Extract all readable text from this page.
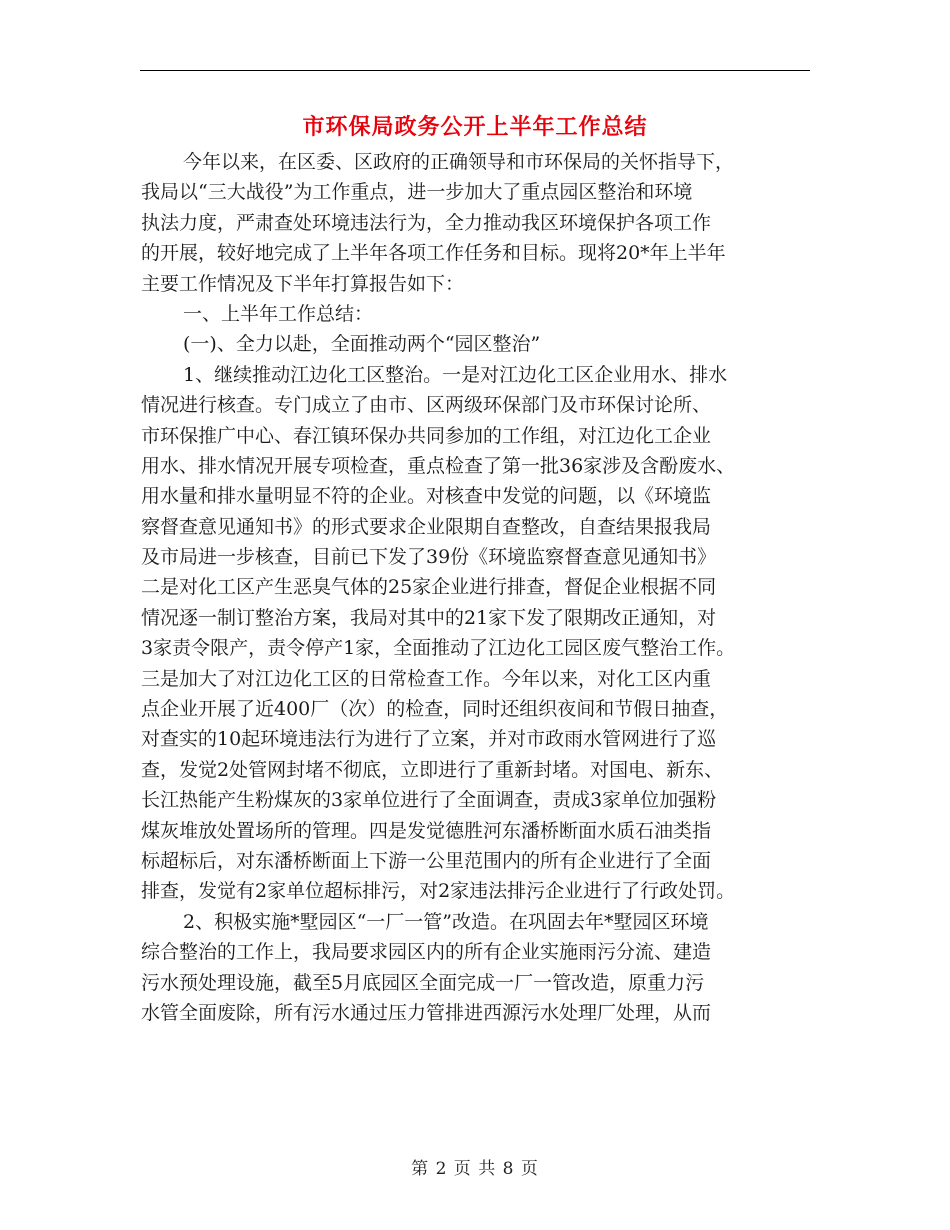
市环保局政务公开上半年工作总结
今年以来，在区委、区政府的正确领导和市环保局的关怀指导下，
我局以“三大战役”为工作重点，进一步加大了重点园区整治和环境
执法力度，严肃查处环境违法行为，全力推动我区环境保护各项工作
的开展，较好地完成了上半年各项工作任务和目标。现将20*年上半年
主要工作情况及下半年打算报告如下：
一、上半年工作总结：
(一)、全力以赴，全面推动两个“园区整治”
1、继续推动江边化工区整治。一是对江边化工区企业用水、排水
情况进行核查。专门成立了由市、区两级环保部门及市环保讨论所、
市环保推广中心、春江镇环保办共同参加的工作组，对江边化工企业
用水、排水情况开展专项检查，重点检查了第一批36家涉及含酚废水、
用水量和排水量明显不符的企业。对核查中发觉的问题，以《环境监
察督查意见通知书》的形式要求企业限期自查整改，自查结果报我局
及市局进一步核查，目前已下发了39份《环境监察督查意见通知书》
二是对化工区产生恶臭气体的25家企业进行排查，督促企业根据不同
情况逐一制订整治方案，我局对其中的21家下发了限期改正通知，对
3家责令限产，责令停产1家，全面推动了江边化工园区废气整治工作。
三是加大了对江边化工区的日常检查工作。今年以来，对化工区内重
点企业开展了近400厂（次）的检查，同时还组织夜间和节假日抽查，
对查实的10起环境违法行为进行了立案，并对市政雨水管网进行了巡
查，发觉2处管网封堵不彻底，立即进行了重新封堵。对国电、新东、
长江热能产生粉煤灰的3家单位进行了全面调查，责成3家单位加强粉
煤灰堆放处置场所的管理。四是发觉德胜河东潘桥断面水质石油类指
标超标后，对东潘桥断面上下游一公里范围内的所有企业进行了全面
排查，发觉有2家单位超标排污，对2家违法排污企业进行了行政处罚。
2、积极实施*墅园区“一厂一管”改造。在巩固去年*墅园区环境
综合整治的工作上，我局要求园区内的所有企业实施雨污分流、建造
污水预处理设施，截至5月底园区全面完成一厂一管改造，原重力污
水管全面废除，所有污水通过压力管排进西源污水处理厂处理，从而
第 2 页 共 8 页
